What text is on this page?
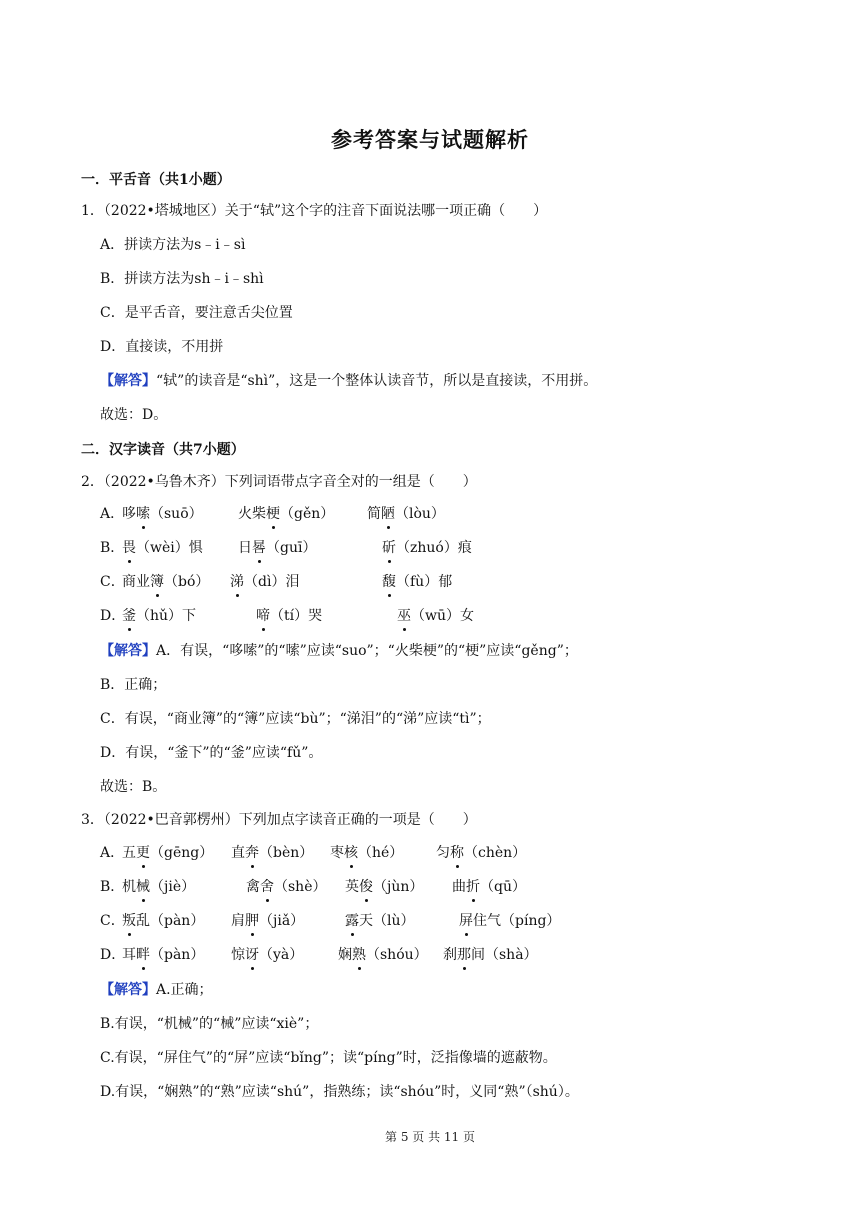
参考答案与试题解析
一．平舌音（共1小题）
1．（2022•塔城地区）关于“轼”这个字的注音下面说法哪一项正确（　　）
A．拼读方法为s﹣i﹣sì
B．拼读方法为sh﹣i﹣shì
C．是平舌音，要注意舌尖位置
D．直接读，不用拼
【解答】“轼”的读音是“shì”，这是一个整体认读音节，所以是直接读，不用拼。
故选：D。
二．汉字读音（共7小题）
2．（2022•乌鲁木齐）下列词语带点字音全对的一组是（　　）
A．
哆嗦（suō）	火柴梗（gěn） 简陋（lòu）
B．
畏（wèi）惧	日晷（guī）	斫（zhuó）痕
C．
商业簿（bó） 涕（dì）泪	馥（fù）郁
D．
釜（hǔ）下	啼（tí）哭	巫（wū）女
【解答】A．有误，“哆嗦”的“嗦”应读“suo”；“火柴梗”的“梗”应读“gěng”；
B．正确；
C．有误，“商业簿”的“簿”应读“bù”；“涕泪”的“涕”应读“tì”；
D．有误，“釜下”的“釜”应读“fǔ”。
故选：B。
3．（2022•巴音郭楞州）下列加点字读音正确的一项是（　　）
A．
五更（gēng） 直奔（bèn） 枣核（hé） 匀称（chèn）
B．
机械（jiè）	禽舍（shè） 英俊（jùn） 曲折（qū）
C．
叛乱（pàn） 肩胛（jiǎ）	露天（lù）	屏住气（píng）
D．
耳畔（pàn） 惊讶（yà） 娴熟（shóu） 刹那间（shà）
【解答】A.正确；
B.有误，“机械”的“械”应读“xiè”；
C.有误，“屏住气”的“屏”应读“bǐng”；读“píng”时，泛指像墙的遮蔽物。
D.有误，“娴熟”的“熟”应读“shú”，指熟练；读“shóu”时，义同“熟”（shú）。
第 5 页 共 11 页
